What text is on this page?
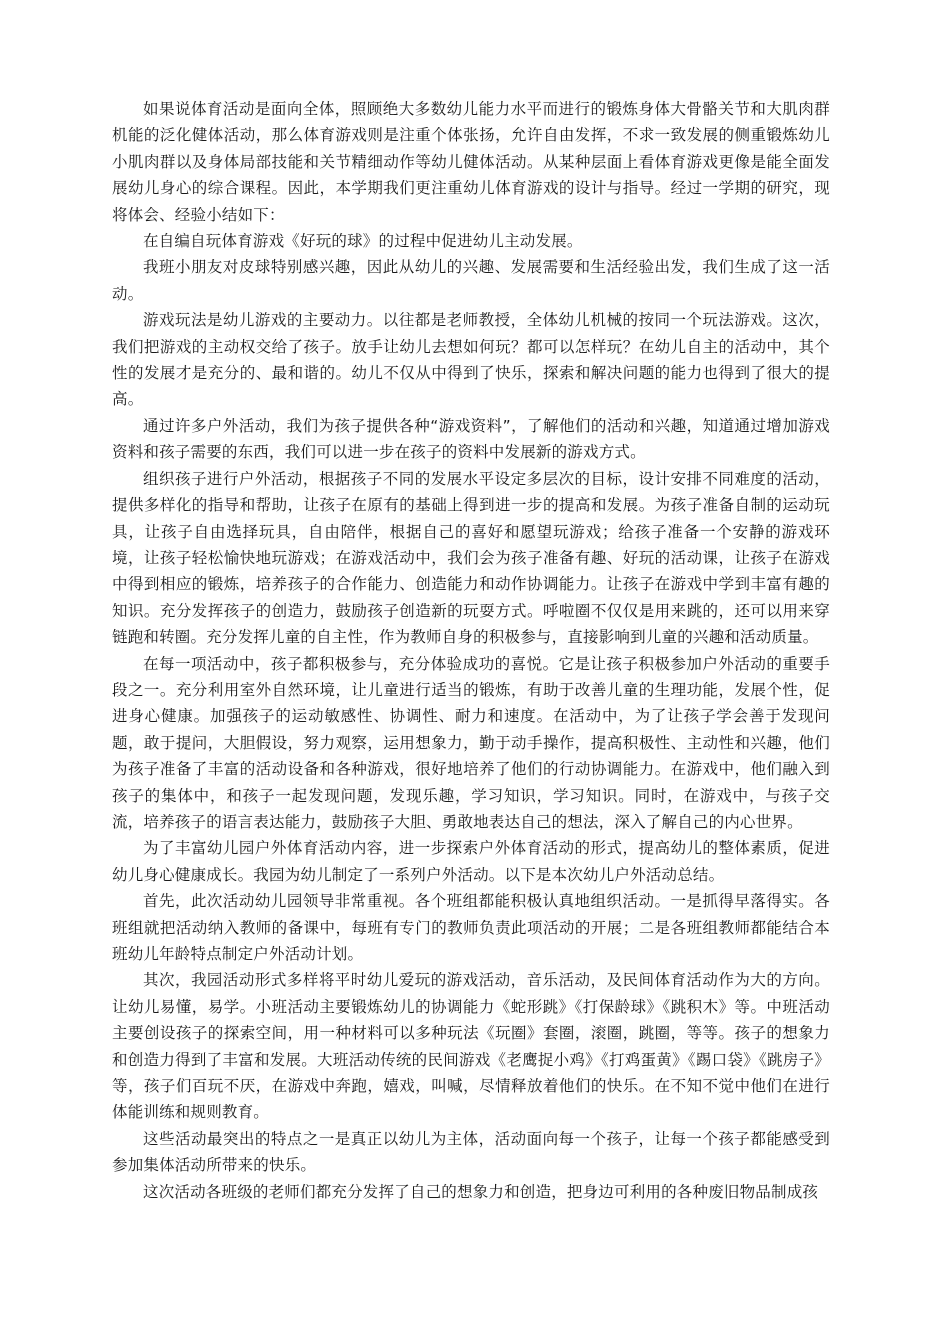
如果说体育活动是面向全体，照顾绝大多数幼儿能力水平而进行的锻炼身体大骨骼关节和大肌肉群机能的泛化健体活动，那么体育游戏则是注重个体张扬，允许自由发挥，不求一致发展的侧重锻炼幼儿小肌肉群以及身体局部技能和关节精细动作等幼儿健体活动。从某种层面上看体育游戏更像是能全面发展幼儿身心的综合课程。因此，本学期我们更注重幼儿体育游戏的设计与指导。经过一学期的研究，现将体会、经验小结如下：

在自编自玩体育游戏《好玩的球》的过程中促进幼儿主动发展。

我班小朋友对皮球特别感兴趣，因此从幼儿的兴趣、发展需要和生活经验出发，我们生成了这一活动。

游戏玩法是幼儿游戏的主要动力。以往都是老师教授，全体幼儿机械的按同一个玩法游戏。这次，我们把游戏的主动权交给了孩子。放手让幼儿去想如何玩？都可以怎样玩？在幼儿自主的活动中，其个性的发展才是充分的、最和谐的。幼儿不仅从中得到了快乐，探索和解决问题的能力也得到了很大的提高。

通过许多户外活动，我们为孩子提供各种“游戏资料”，了解他们的活动和兴趣，知道通过增加游戏资料和孩子需要的东西，我们可以进一步在孩子的资料中发展新的游戏方式。

组织孩子进行户外活动，根据孩子不同的发展水平设定多层次的目标，设计安排不同难度的活动，提供多样化的指导和帮助，让孩子在原有的基础上得到进一步的提高和发展。为孩子准备自制的运动玩具，让孩子自由选择玩具，自由陪伴，根据自己的喜好和愿望玩游戏；给孩子准备一个安静的游戏环境，让孩子轻松愉快地玩游戏；在游戏活动中，我们会为孩子准备有趣、好玩的活动课，让孩子在游戏中得到相应的锻炼，培养孩子的合作能力、创造能力和动作协调能力。让孩子在游戏中学到丰富有趣的知识。充分发挥孩子的创造力，鼓励孩子创造新的玩耍方式。呼啦圈不仅仅是用来跳的，还可以用来穿链跑和转圈。充分发挥儿童的自主性，作为教师自身的积极参与，直接影响到儿童的兴趣和活动质量。

在每一项活动中，孩子都积极参与，充分体验成功的喜悦。它是让孩子积极参加户外活动的重要手段之一。充分利用室外自然环境，让儿童进行适当的锻炼，有助于改善儿童的生理功能，发展个性，促进身心健康。加强孩子的运动敏感性、协调性、耐力和速度。在活动中，为了让孩子学会善于发现问题，敢于提问，大胆假设，努力观察，运用想象力，勤于动手操作，提高积极性、主动性和兴趣，他们为孩子准备了丰富的活动设备和各种游戏，很好地培养了他们的行动协调能力。在游戏中，他们融入到孩子的集体中，和孩子一起发现问题，发现乐趣，学习知识，学习知识。同时，在游戏中，与孩子交流，培养孩子的语言表达能力，鼓励孩子大胆、勇敢地表达自己的想法，深入了解自己的内心世界。

为了丰富幼儿园户外体育活动内容，进一步探索户外体育活动的形式，提高幼儿的整体素质，促进幼儿身心健康成长。我园为幼儿制定了一系列户外活动。以下是本次幼儿户外活动总结。

首先，此次活动幼儿园领导非常重视。各个班组都能积极认真地组织活动。一是抓得早落得实。各班组就把活动纳入教师的备课中，每班有专门的教师负责此项活动的开展；二是各班组教师都能结合本班幼儿年龄特点制定户外活动计划。

其次，我园活动形式多样将平时幼儿爱玩的游戏活动，音乐活动，及民间体育活动作为大的方向。让幼儿易懂，易学。小班活动主要锻炼幼儿的协调能力《蛇形跳》《打保龄球》《跳积木》等。中班活动主要创设孩子的探索空间，用一种材料可以多种玩法《玩圈》套圈，滚圈，跳圈，等等。孩子的想象力和创造力得到了丰富和发展。大班活动传统的民间游戏《老鹰捉小鸡》《打鸡蛋黄》《踢口袋》《跳房子》等，孩子们百玩不厌，在游戏中奔跑，嬉戏，叫喊，尽情释放着他们的快乐。在不知不觉中他们在进行体能训练和规则教育。

这些活动最突出的特点之一是真正以幼儿为主体，活动面向每一个孩子，让每一个孩子都能感受到参加集体活动所带来的快乐。

这次活动各班级的老师们都充分发挥了自己的想象力和创造，把身边可利用的各种废旧物品制成孩
